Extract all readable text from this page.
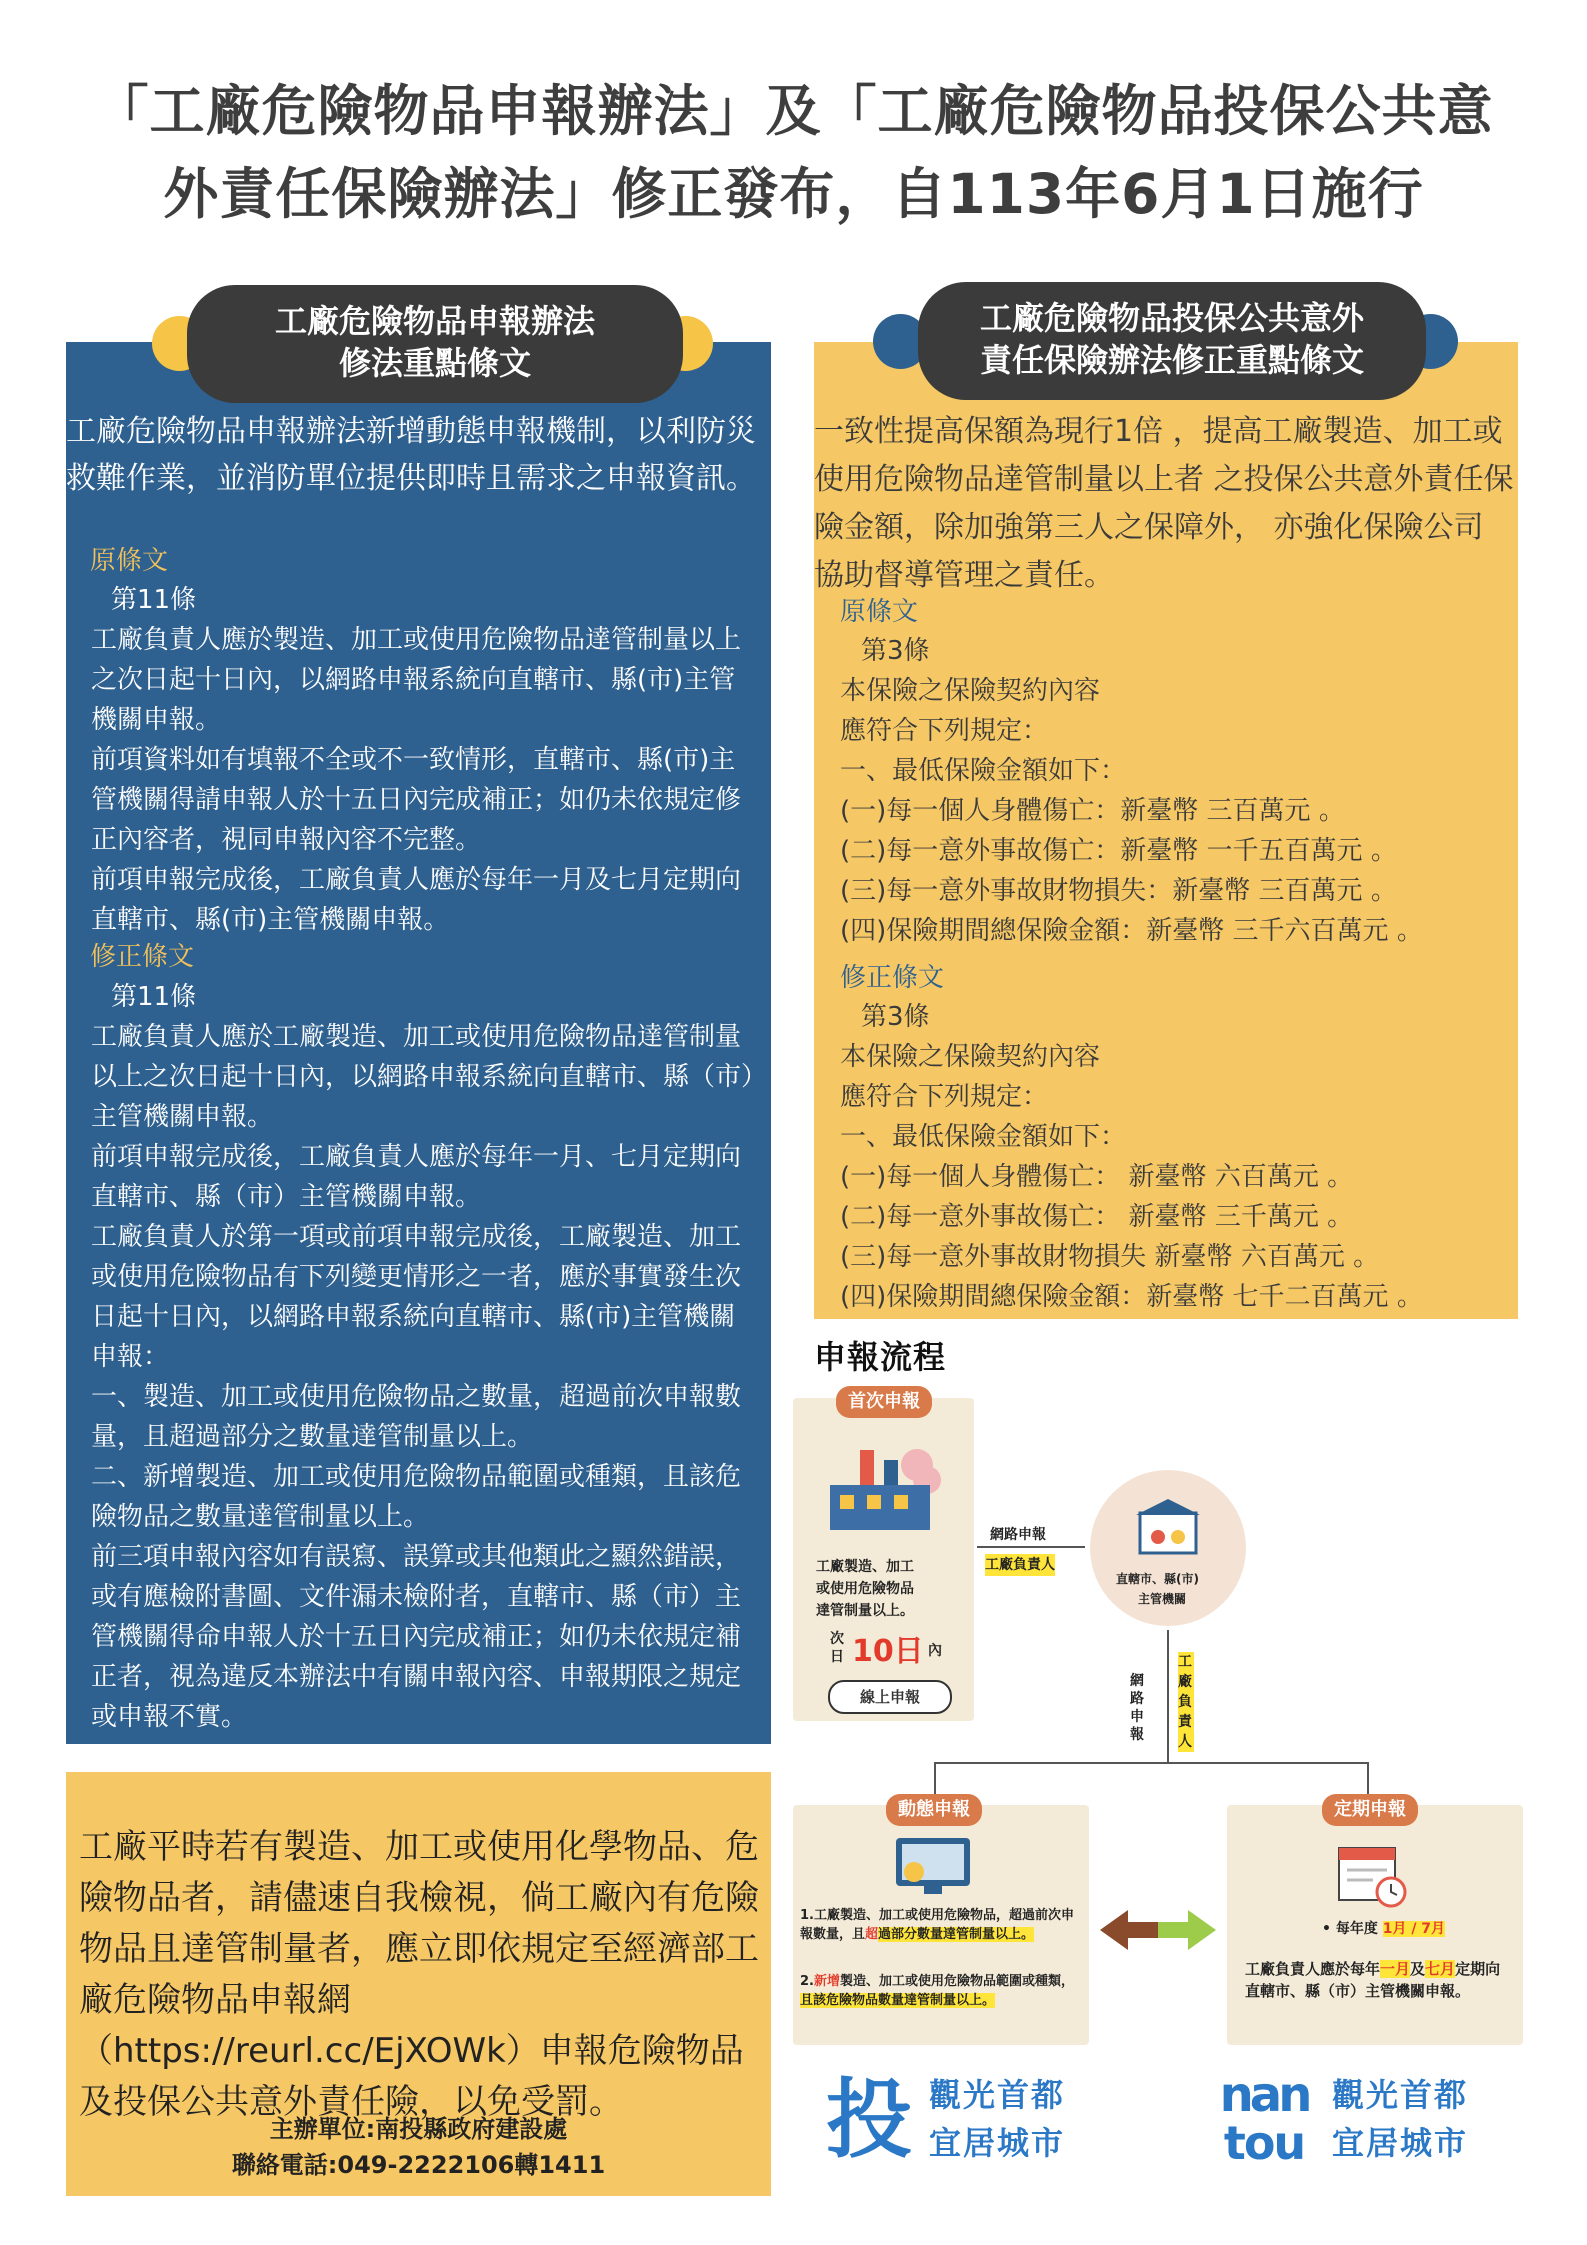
「工廠危險物品申報辦法」及「工廠危險物品投保公共意
外責任保險辦法」修正發布，自113年6月1日施行
工廠危險物品申報辦法
修法重點條文

工廠危險物品申報辦法新增動態申報機制，以利防災救難作業，並消防單位提供即時且需求之申報資訊。

原條文
第11條

工廠負責人應於製造、加工或使用危險物品達管制量以上之次日起十日內，以網路申報系統向直轄市、縣(市)主管機關申報。

前項資料如有填報不全或不一致情形，直轄市、縣(市)主管機關得請申報人於十五日內完成補正；如仍未依規定修正內容者，視同申報內容不完整。

前項申報完成後，工廠負責人應於每年一月及七月定期向直轄市、縣(市)主管機關申報。

修正條文
第11條

工廠負責人應於工廠製造、加工或使用危險物品達管制量以上之次日起十日內，以網路申報系統向直轄市、縣（市）主管機關申報。

前項申報完成後，工廠負責人應於每年一月、七月定期向直轄市、縣（市）主管機關申報。

工廠負責人於第一項或前項申報完成後，工廠製造、加工或使用危險物品有下列變更情形之一者，應於事實發生次日起十日內，以網路申報系統向直轄市、縣(市)主管機關申報：

一、製造、加工或使用危險物品之數量，超過前次申報數量，且超過部分之數量達管制量以上。

二、新增製造、加工或使用危險物品範圍或種類，且該危險物品之數量達管制量以上。

前三項申報內容如有誤寫、誤算或其他類此之顯然錯誤，或有應檢附書圖、文件漏未檢附者，直轄市、縣（市）主管機關得命申報人於十五日內完成補正；如仍未依規定補正者，視為違反本辦法中有關申報內容、申報期限之規定或申報不實。

工廠危險物品投保公共意外
責任保險辦法修正重點條文

一致性提高保額為現行1倍 ，提高工廠製造、加工或使用危險物品達管制量以上者 之投保公共意外責任保險金額，除加強第三人之保障外， 亦強化保險公司 協助督導管理之責任。

原條文
第3條
本保險之保險契約內容
應符合下列規定：
一、最低保險金額如下：
(一)每一個人身體傷亡：新臺幣 三百萬元 。
(二)每一意外事故傷亡：新臺幣 一千五百萬元 。
(三)每一意外事故財物損失：新臺幣 三百萬元 。
(四)保險期間總保險金額：新臺幣 三千六百萬元 。
修正條文
第3條
本保險之保險契約內容
應符合下列規定：
一、最低保險金額如下：
(一)每一個人身體傷亡： 新臺幣 六百萬元 。
(二)每一意外事故傷亡： 新臺幣 三千萬元 。
(三)每一意外事故財物損失 新臺幣 六百萬元 。
(四)保險期間總保險金額：新臺幣 七千二百萬元 。
申報流程
首次申報

工廠製造、加工

或使用危險物品

達管制量以上。

次日 10日 內

線上申報

網路申報

工廠負責人

直轄市、縣(市)

主管機關

網路申報
工廠負責人
動態申報

1.工廠製造、加工或使用危險物品，超過前次申報數量，且超過部分數量達管制量以上。

2.新增製造、加工或使用危險物品範圍或種類，且該危險物品數量達管制量以上。

定期申報

• 每年度 1月 / 7月

工廠負責人應於每年一月及七月定期向直轄市、縣（市）主管機關申報。

工廠平時若有製造、加工或使用化學物品、危險物品者，請儘速自我檢視，倘工廠內有危險物品且達管制量者，應立即依規定至經濟部工廠危險物品申報網（https://reurl.cc/EjXOWk）申報危險物品及投保公共意外責任險，以免受罰。

主辦單位:南投縣政府建設處
聯絡電話:049-2222106轉1411	投 觀光首都
宜居城市
nan
tou
觀光首都
宜居城市
